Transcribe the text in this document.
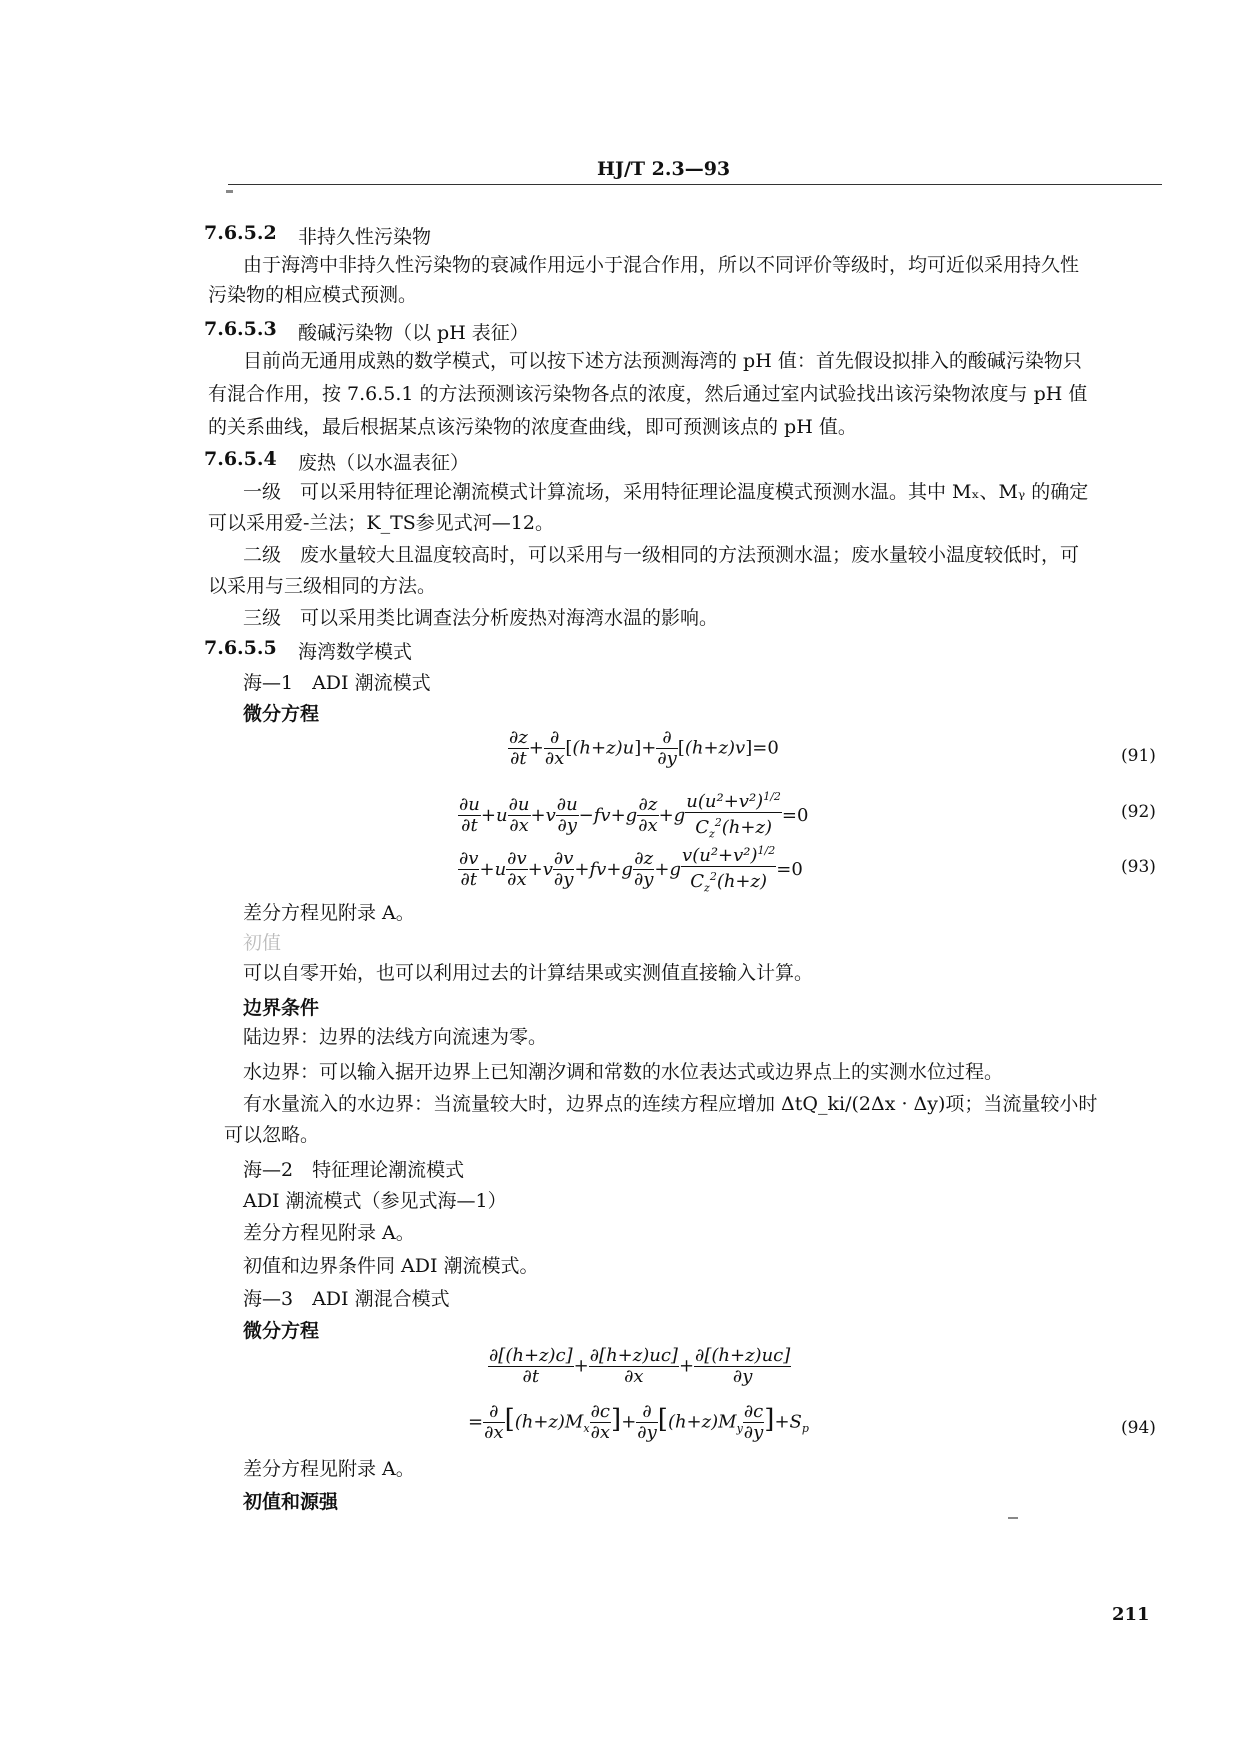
HJ/T 2.3—93
7.6.5.2 非持久性污染物
由于海湾中非持久性污染物的衰减作用远小于混合作用，所以不同评价等级时，均可近似采用持久性
污染物的相应模式预测。
7.6.5.3 酸碱污染物（以 pH 表征）
目前尚无通用成熟的数学模式，可以按下述方法预测海湾的 pH 值：首先假设拟排入的酸碱污染物只
有混合作用，按 7.6.5.1 的方法预测该污染物各点的浓度，然后通过室内试验找出该污染物浓度与 pH 值
的关系曲线，最后根据某点该污染物的浓度查曲线，即可预测该点的 pH 值。
7.6.5.4 废热（以水温表征）
一级　可以采用特征理论潮流模式计算流场，采用特征理论温度模式预测水温。其中 Mₓ、Mᵧ 的确定
可以采用爱-兰法；K_TS参见式河—12。
二级　废水量较大且温度较高时，可以采用与一级相同的方法预测水温；废水量较小温度较低时，可
以采用与三级相同的方法。
三级　可以采用类比调查法分析废热对海湾水温的影响。
7.6.5.5 海湾数学模式
海—1　ADI 潮流模式
微分方程
$\frac{\partial z}{\partial t} + \frac{\partial}{\partial x} [(h+z)u]+ \frac{\partial}{\partial y} [(h+z)v]=0$	(91)
$\frac{\partial u}{\partial t} +u \frac{\partial u}{\partial x} +v \frac{\partial u}{\partial y} -fv+g \frac{\partial z}{\partial x} +g \frac{u(u^2+v^2)^{1/2}}{C_z^2(h+z)} =0$	(92)
$\frac{\partial v}{\partial t} +u \frac{\partial v}{\partial x} +v \frac{\partial v}{\partial y} +fv+g \frac{\partial z}{\partial y} +g \frac{v(u^2+v^2)^{1/2}}{C_z^2(h+z)} =0$	(93)
差分方程见附录 A。
初值
可以自零开始，也可以利用过去的计算结果或实测值直接输入计算。
边界条件
陆边界：边界的法线方向流速为零。
水边界：可以输入据开边界上已知潮汐调和常数的水位表达式或边界点上的实测水位过程。
有水量流入的水边界：当流量较大时，边界点的连续方程应增加 ΔtQ_ki/(2Δx · Δy)项；当流量较小时
可以忽略。
海—2　特征理论潮流模式
ADI 潮流模式（参见式海—1）
差分方程见附录 A。
初值和边界条件同 ADI 潮流模式。
海—3　ADI 潮混合模式
微分方程
$\frac{\partial[(h+z)c]}{\partial t} + \frac{\partial[h+z)uc]}{\partial x} + \frac{\partial[(h+z)uc]}{\partial y}$
= $\frac{\partial}{\partial x} [(h+z)M_x \frac{\partial c}{\partial x}$ ]+ $\frac{\partial}{\partial y} [(h+z)M_y \frac{\partial c}{\partial y} ]+S_p$	(94)
差分方程见附录 A。
初值和源强
211
